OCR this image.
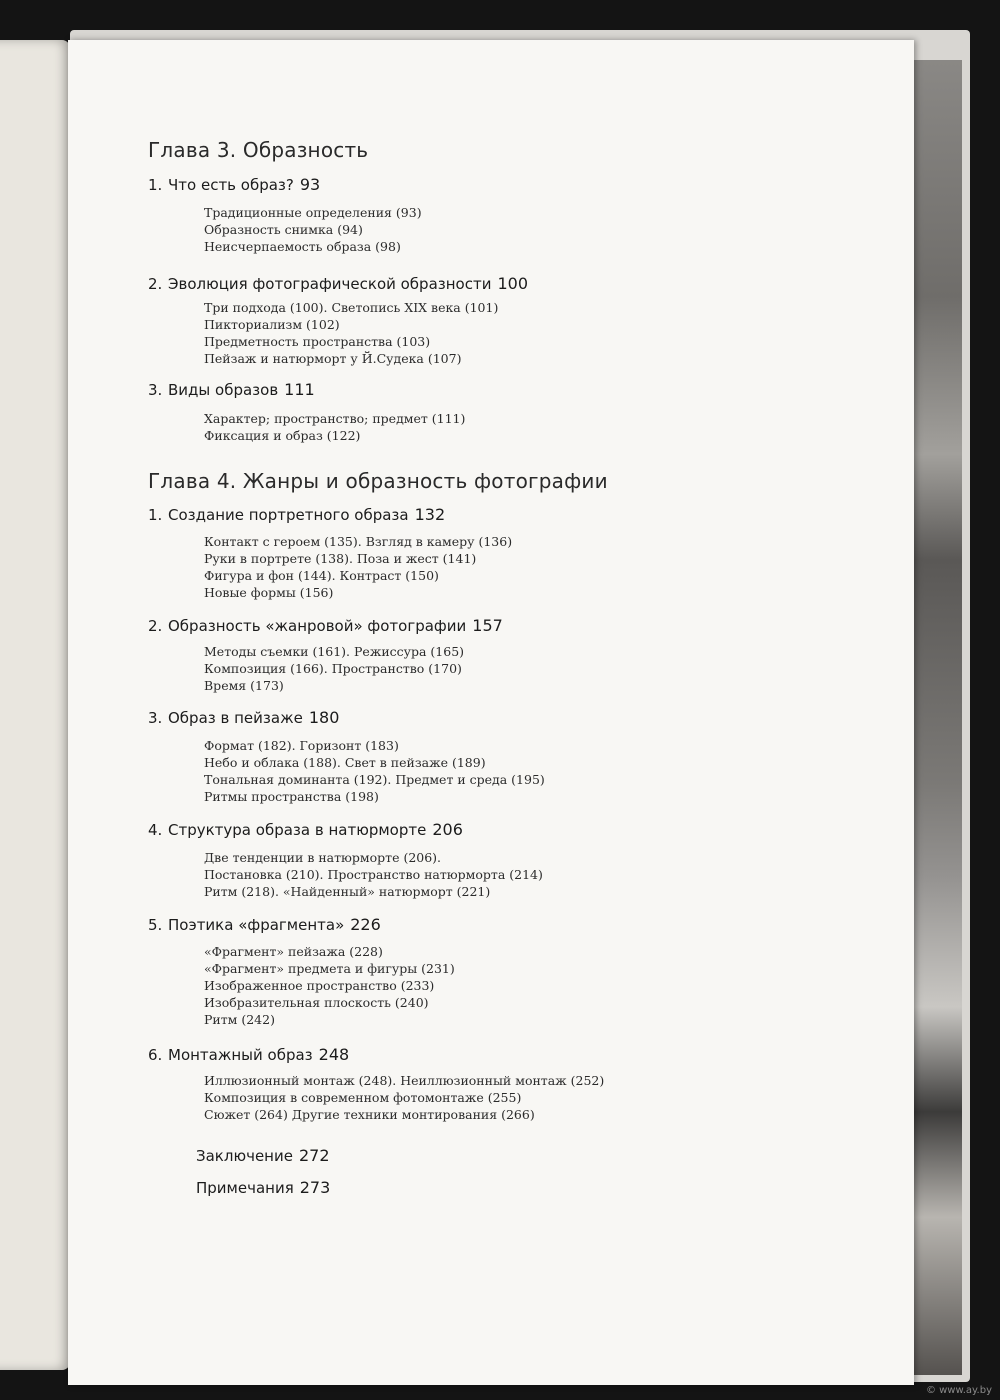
Глава 3. Образность
1. Что есть образ? 93
Традиционные определения (93)
Образность снимка (94)
Неисчерпаемость образа (98)
2. Эволюция фотографической образности 100
Три подхода (100). Светопись XIX века (101)
Пикториализм (102)
Предметность пространства (103)
Пейзаж и натюрморт у Й.Судека (107)
3. Виды образов 111
Характер; пространство; предмет (111)
Фиксация и образ (122)
Глава 4. Жанры и образность фотографии
1. Создание портретного образа 132
Контакт с героем (135). Взгляд в камеру (136)
Руки в портрете (138). Поза и жест (141)
Фигура и фон (144). Контраст (150)
Новые формы (156)
2. Образность «жанровой» фотографии 157
Методы съемки (161). Режиссура (165)
Композиция (166). Пространство (170)
Время (173)
3. Образ в пейзаже 180
Формат (182). Горизонт (183)
Небо и облака (188). Свет в пейзаже (189)
Тональная доминанта (192). Предмет и среда (195)
Ритмы пространства (198)
4. Структура образа в натюрморте 206
Две тенденции в натюрморте (206).
Постановка (210). Пространство натюрморта (214)
Ритм (218). «Найденный» натюрморт (221)
5. Поэтика «фрагмента» 226
«Фрагмент» пейзажа (228)
«Фрагмент» предмета и фигуры (231)
Изображенное пространство (233)
Изобразительная плоскость (240)
Ритм (242)
6. Монтажный образ 248
Иллюзионный монтаж (248). Неиллюзионный монтаж (252)
Композиция в современном фотомонтаже (255)
Сюжет (264) Другие техники монтирования (266)
Заключение 272
Примечания 273
© www.ay.by
